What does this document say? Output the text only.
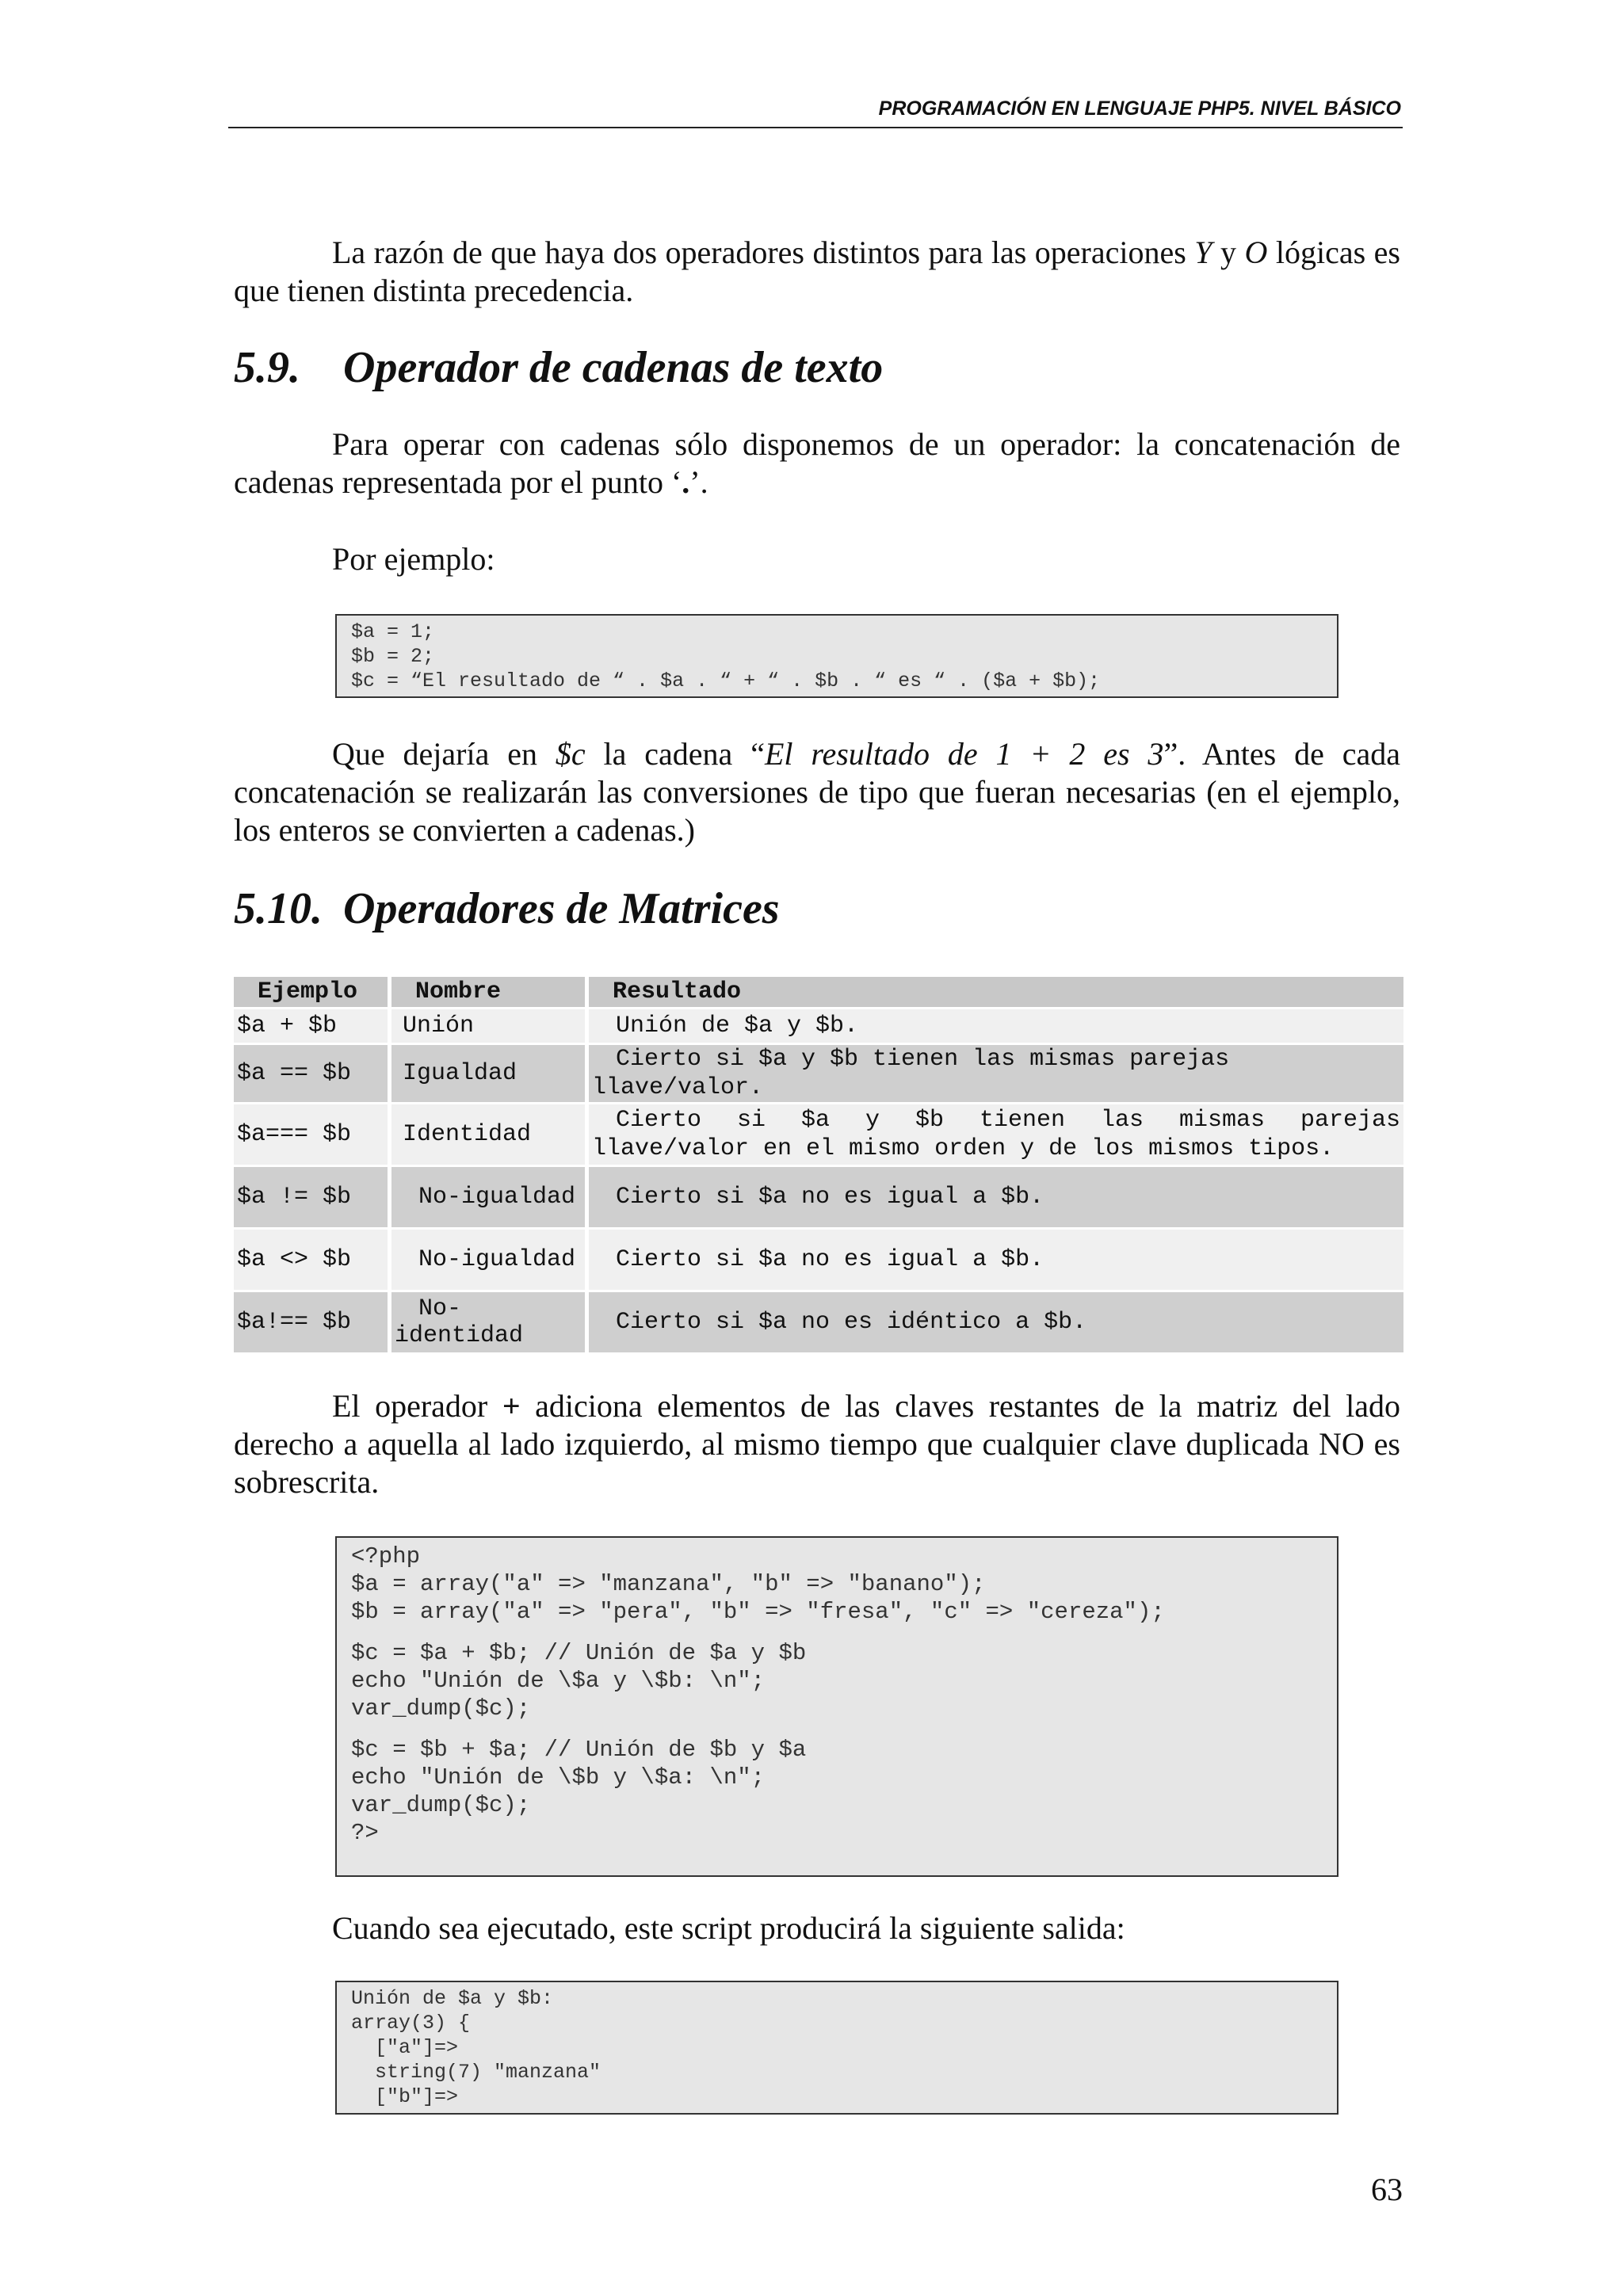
PROGRAMACIÓN EN LENGUAJE PHP5. NIVEL BÁSICO

La razón de que haya dos operadores distintos para las operaciones Y y O lógicas es que tienen distinta precedencia.

5.9. Operador de cadenas de texto

Para operar con cadenas sólo disponemos de un operador: la concatenación de cadenas representada por el punto ‘.’.

Por ejemplo:

$a = 1;
$b = 2;
$c = “El resultado de “ . $a . “ + “ . $b . “ es “ . ($a + $b);

Que dejaría en $c la cadena “El resultado de 1 + 2 es 3”. Antes de cada concatenación se realizarán las conversiones de tipo que fueran necesarias (en el ejemplo, los enteros se convierten a cadenas.)

5.10. Operadores de Matrices
Ejemplo	Nombre	Resultado
$a + $b	Unión	Unión de $a y $b.
$a == $b	Igualdad	Cierto si $a y $b tienen las mismas parejas llave/valor.
$a=== $b	Identidad	Cierto si $a y $b tienen las mismas parejas llave/valor en el mismo orden y de los mismos tipos.
$a != $b	No-igualdad	Cierto si $a no es igual a $b.
$a <> $b	No-igualdad	Cierto si $a no es igual a $b.
$a!== $b	No-identidad	Cierto si $a no es idéntico a $b.

El operador + adiciona elementos de las claves restantes de la matriz del lado derecho a aquella al lado izquierdo, al mismo tiempo que cualquier clave duplicada NO es sobrescrita.

<?php
$a = array("a" => "manzana", "b" => "banano");
$b = array("a" => "pera", "b" => "fresa", "c" => "cereza");
$c = $a + $b; // Unión de $a y $b
echo "Unión de \$a y \$b: \n";
var_dump($c);
$c = $b + $a; // Unión de $b y $a
echo "Unión de \$b y \$a: \n";
var_dump($c);
?>

Cuando sea ejecutado, este script producirá la siguiente salida:

Unión de $a y $b:
array(3) {
["a"]=>
string(7) "manzana"
["b"]=>
63
